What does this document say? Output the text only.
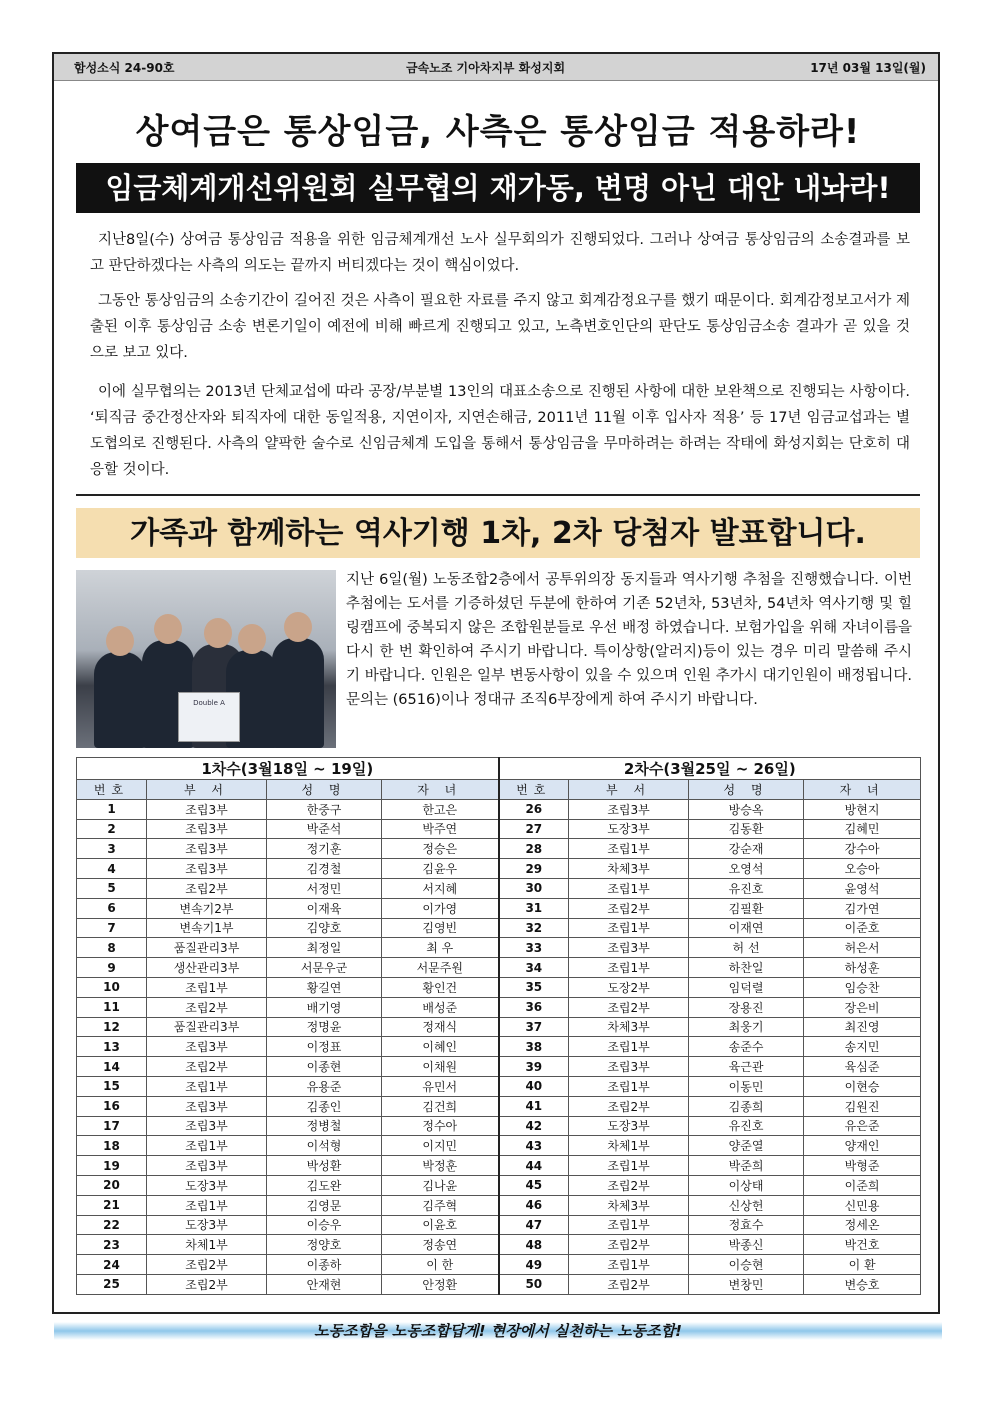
함성소식 24-90호	금속노조 기아차지부 화성지회	17년 03월 13일(월)
상여금은 통상임금, 사측은 통상임금 적용하라!
임금체계개선위원회 실무협의 재가동, 변명 아닌 대안 내놔라!

지난8일(수) 상여금 통상임금 적용을 위한 임금체계개선 노사 실무회의가 진행되었다. 그러나 상여금 통상임금의 소송결과를 보고 판단하겠다는 사측의 의도는 끝까지 버티겠다는 것이 핵심이었다.

그동안 통상임금의 소송기간이 길어진 것은 사측이 필요한 자료를 주지 않고 회계감정요구를 했기 때문이다. 회계감정보고서가 제출된 이후 통상임금 소송 변론기일이 예전에 비해 빠르게 진행되고 있고, 노측변호인단의 판단도 통상임금소송 결과가 곧 있을 것으로 보고 있다.

이에 실무협의는 2013년 단체교섭에 따라 공장/부분별 13인의 대표소송으로 진행된 사항에 대한 보완책으로 진행되는 사항이다. ‘퇴직금 중간정산자와 퇴직자에 대한 동일적용, 지연이자, 지연손해금, 2011년 11월 이후 입사자 적용’ 등 17년 임금교섭과는 별도협의로 진행된다. 사측의 얄팍한 술수로 신임금체계 도입을 통해서 통상임금을 무마하려는 하려는 작태에 화성지회는 단호히 대응할 것이다.

가족과 함께하는 역사기행 1차, 2차 당첨자 발표합니다.
Double A

지난 6일(월) 노동조합2층에서 공투위의장 동지들과 역사기행 추첨을 진행했습니다. 이번 추첨에는 도서를 기증하셨던 두분에 한하여 기존 52년차, 53년차, 54년차 역사기행 및 힐링캠프에 중복되지 않은 조합원분들로 우선 배정 하였습니다. 보험가입을 위해 자녀이름을 다시 한 번 확인하여 주시기 바랍니다. 특이상항(알러지)등이 있는 경우 미리 말씀해 주시기 바랍니다. 인원은 일부 변동사항이 있을 수 있으며 인원 추가시 대기인원이 배정됩니다. 문의는 (6516)이나 정대규 조직6부장에게 하여 주시기 바랍니다.

1차수(3월18일 ~ 19일)				2차수(3월25일 ~ 26일)			
번호	부 서	성 명	자 녀	번호	부 서	성 명	자 녀
1	조립3부	한중구	한고은	26	조립3부	방승옥	방현지
2	조립3부	박준석	박주연	27	도장3부	김동환	김혜민
3	조립3부	정기훈	정승은	28	조립1부	강순재	강수아
4	조립3부	김경철	김윤우	29	차체3부	오영석	오승아
5	조립2부	서정민	서지혜	30	조립1부	유진호	윤영석
6	변속기2부	이재육	이가영	31	조립2부	김필환	김가연
7	변속기1부	김양호	김영빈	32	조립1부	이재연	이준호
8	품질관리3부	최정일	최 우	33	조립3부	허 선	허은서
9	생산관리3부	서문우군	서문주원	34	조립1부	하찬일	하성훈
10	조립1부	황길연	황인건	35	도장2부	임덕렬	임승찬
11	조립2부	배기영	배성준	36	조립2부	장용진	장은비
12	품질관리3부	정명윤	정재식	37	차체3부	최웅기	최진영
13	조립3부	이정표	이혜인	38	조립1부	송준수	송지민
14	조립2부	이종현	이채원	39	조립3부	육근관	육심준
15	조립1부	유용준	유민서	40	조립1부	이동민	이현승
16	조립3부	김종인	김건희	41	조립2부	김종희	김원진
17	조립3부	정병철	정수아	42	도장3부	유진호	유은준
18	조립1부	이석형	이지민	43	차체1부	양준열	양재인
19	조립3부	박성환	박정훈	44	조립1부	박준희	박형준
20	도장3부	김도완	김나윤	45	조립2부	이상태	이준희
21	조립1부	김영문	김주혁	46	차체3부	신상헌	신민용
22	도장3부	이승우	이윤호	47	조립1부	정효수	정세온
23	차체1부	정양호	정송연	48	조립2부	박종신	박건호
24	조립2부	이종하	이 한	49	조립1부	이승현	이 환
25	조립2부	안재현	안정환	50	조립2부	변창민	변승호
노동조합을 노동조합답게! 현장에서 실천하는 노동조합!
